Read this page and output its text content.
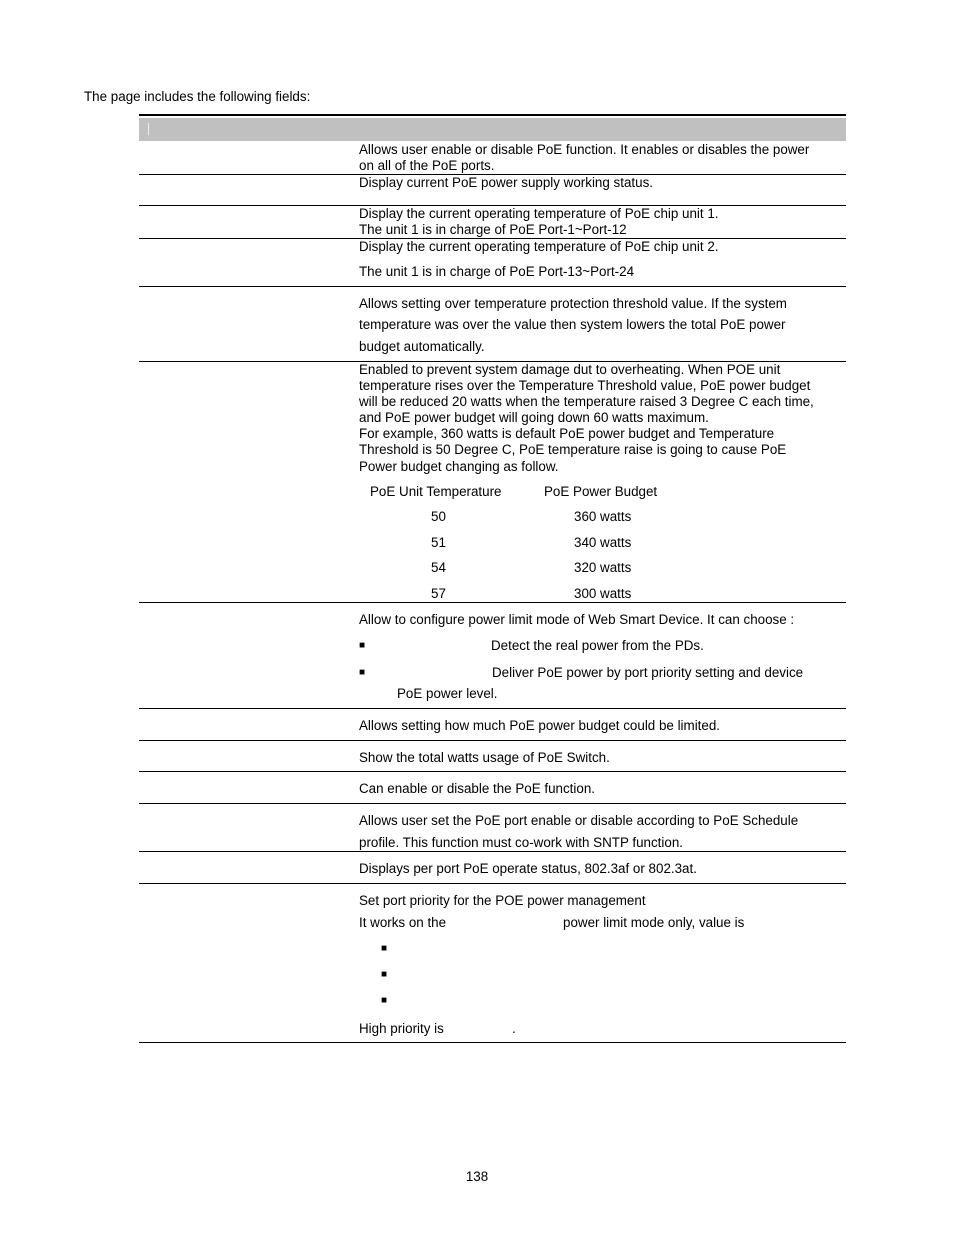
The page includes the following fields:
Allows user enable or disable PoE function. It enables or disables the power
on all of the PoE ports.
Display current PoE power supply working status.
Display the current operating temperature of PoE chip unit 1.
The unit 1 is in charge of PoE Port-1~Port-12
Display the current operating temperature of PoE chip unit 2.
The unit 1 is in charge of PoE Port-13~Port-24
Allows setting over temperature protection threshold value. If the system
temperature was over the value then system lowers the total PoE power
budget automatically.
Enabled to prevent system damage dut to overheating. When POE unit
temperature rises over the Temperature Threshold value, PoE power budget
will be reduced 20 watts when the temperature raised 3 Degree C each time,
and PoE power budget will going down 60 watts maximum.
For example, 360 watts is default PoE power budget and Temperature
Threshold is 50 Degree C, PoE temperature raise is going to cause PoE
Power budget changing as follow.
PoE Unit Temperature	PoE Power Budget
50	360 watts
51	340 watts
54	320 watts
57	300 watts
Allow to configure power limit mode of Web Smart Device. It can choose :
■	Detect the real power from the PDs.
■	Deliver PoE power by port priority setting and device
PoE power level.
Allows setting how much PoE power budget could be limited.
Show the total watts usage of PoE Switch.
Can enable or disable the PoE function.
Allows user set the PoE port enable or disable according to PoE Schedule
profile. This function must co-work with SNTP function.
Displays per port PoE operate status, 802.3af or 802.3at.
Set port priority for the POE power management
It works on the	power limit mode only, value is
■
■
■
High priority is	.
138
